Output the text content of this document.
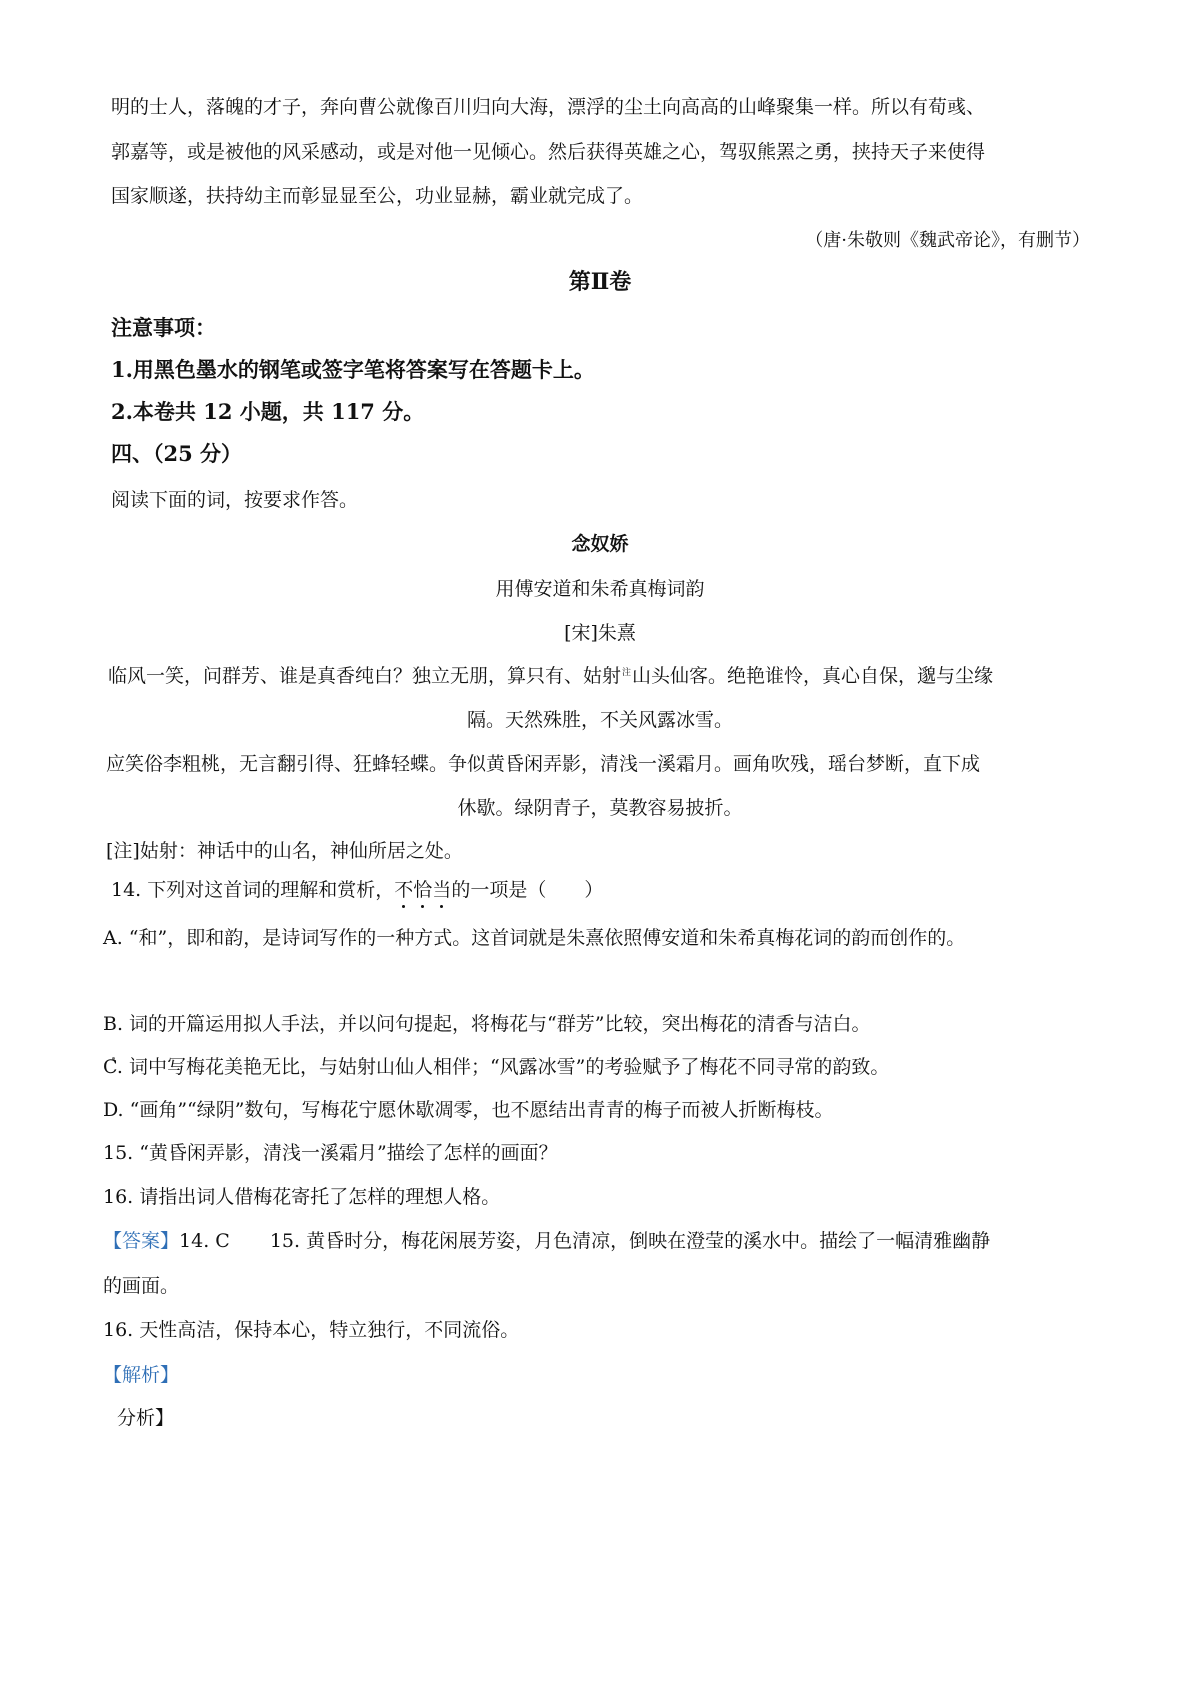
明的士人，落魄的才子，奔向曹公就像百川归向大海，漂浮的尘土向高高的山峰聚集一样。所以有荀彧、
郭嘉等，或是被他的风采感动，或是对他一见倾心。然后获得英雄之心，驾驭熊罴之勇，挟持天子来使得
国家顺遂，扶持幼主而彰显显至公，功业显赫，霸业就完成了。
（唐·朱敬则《魏武帝论》，有删节）
第Ⅱ卷
注意事项：
1.用黑色墨水的钢笔或签字笔将答案写在答题卡上。
2.本卷共 12 小题，共 117 分。
四、（25 分）
阅读下面的词，按要求作答。
念奴娇
用傅安道和朱希真梅词韵
[宋]朱熹
临风一笑，问群芳、谁是真香纯白？独立无朋，算只有、姑射$^注$山头仙客。绝艳谁怜，真心自保，邈与尘缘
隔。天然殊胜，不关风露冰雪。
应笑俗李粗桃，无言翻引得、狂蜂轻蝶。争似黄昏闲弄影，清浅一溪霜月。画角吹残，瑶台梦断，直下成
休歇。绿阴青子，莫教容易披折。
[注]姑射：神话中的山名，神仙所居之处。
14. 下列对这首词的理解和赏析，不恰当的一项是（　　）
A. “和”，即和韵，是诗词写作的一种方式。这首词就是朱熹依照傅安道和朱希真梅花词的韵而创作的。
B. 词的开篇运用拟人手法，并以问句提起，将梅花与“群芳”比较，突出梅花的清香与洁白。
C. 词中写梅花美艳无比，与姑射山仙人相伴；“风露冰雪”的考验赋予了梅花不同寻常的韵致。
D. “画角”“绿阴”数句，写梅花宁愿休歇凋零，也不愿结出青青的梅子而被人折断梅枝。
15. “黄昏闲弄影，清浅一溪霜月”描绘了怎样的画面？
16. 请指出词人借梅花寄托了怎样的理想人格。
【答案】14. C 15. 黄昏时分，梅花闲展芳姿，月色清凉，倒映在澄莹的溪水中。描绘了一幅清雅幽静
的画面。
16. 天性高洁，保持本心，特立独行，不同流俗。
【解析】
分析】
